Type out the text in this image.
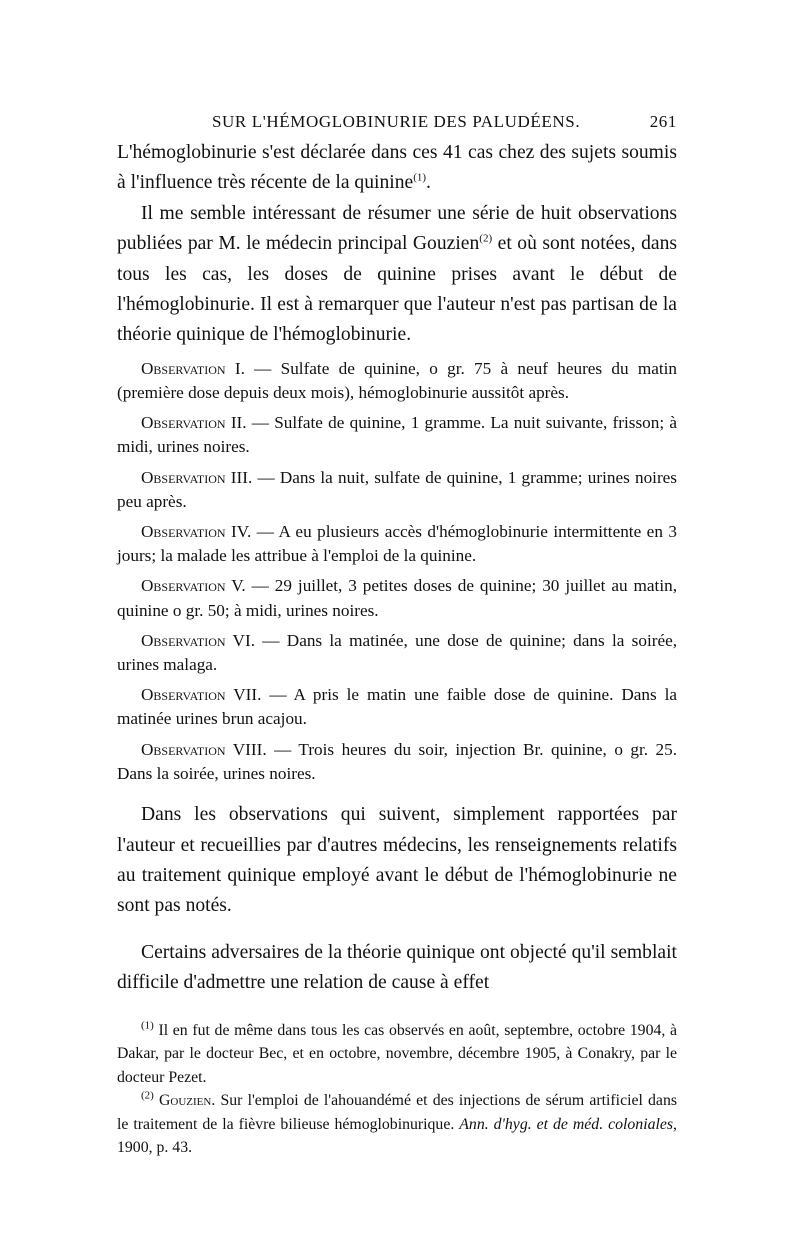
SUR L'HÉMOGLOBINURIE DES PALUDÉENS.	261

L'hémoglobinurie s'est déclarée dans ces 41 cas chez des sujets soumis à l'influence très récente de la quinine$^{(1)}$.

Il me semble intéressant de résumer une série de huit observations publiées par M. le médecin principal Gouzien$^{(2)}$ et où sont notées, dans tous les cas, les doses de quinine prises avant le début de l'hémoglobinurie. Il est à remarquer que l'auteur n'est pas partisan de la théorie quinique de l'hémoglobinurie.

Observation I. — Sulfate de quinine, o gr. 75 à neuf heures du matin (première dose depuis deux mois), hémoglobinurie aussitôt après.

Observation II. — Sulfate de quinine, 1 gramme. La nuit suivante, frisson; à midi, urines noires.

Observation III. — Dans la nuit, sulfate de quinine, 1 gramme; urines noires peu après.

Observation IV. — A eu plusieurs accès d'hémoglobinurie intermittente en 3 jours; la malade les attribue à l'emploi de la quinine.

Observation V. — 29 juillet, 3 petites doses de quinine; 30 juillet au matin, quinine o gr. 50; à midi, urines noires.

Observation VI. — Dans la matinée, une dose de quinine; dans la soirée, urines malaga.

Observation VII. — A pris le matin une faible dose de quinine. Dans la matinée urines brun acajou.

Observation VIII. — Trois heures du soir, injection Br. quinine, o gr. 25. Dans la soirée, urines noires.

Dans les observations qui suivent, simplement rapportées par l'auteur et recueillies par d'autres médecins, les renseignements relatifs au traitement quinique employé avant le début de l'hémoglobinurie ne sont pas notés.

Certains adversaires de la théorie quinique ont objecté qu'il semblait difficile d'admettre une relation de cause à effet

$^{(1)}$ Il en fut de même dans tous les cas observés en août, septembre, octobre 1904, à Dakar, par le docteur Bec, et en octobre, novembre, décembre 1905, à Conakry, par le docteur Pezet.

$^{(2)}$ Gouzien. Sur l'emploi de l'ahouandémé et des injections de sérum artificiel dans le traitement de la fièvre bilieuse hémoglobinurique. Ann. d'hyg. et de méd. coloniales, 1900, p. 43.
